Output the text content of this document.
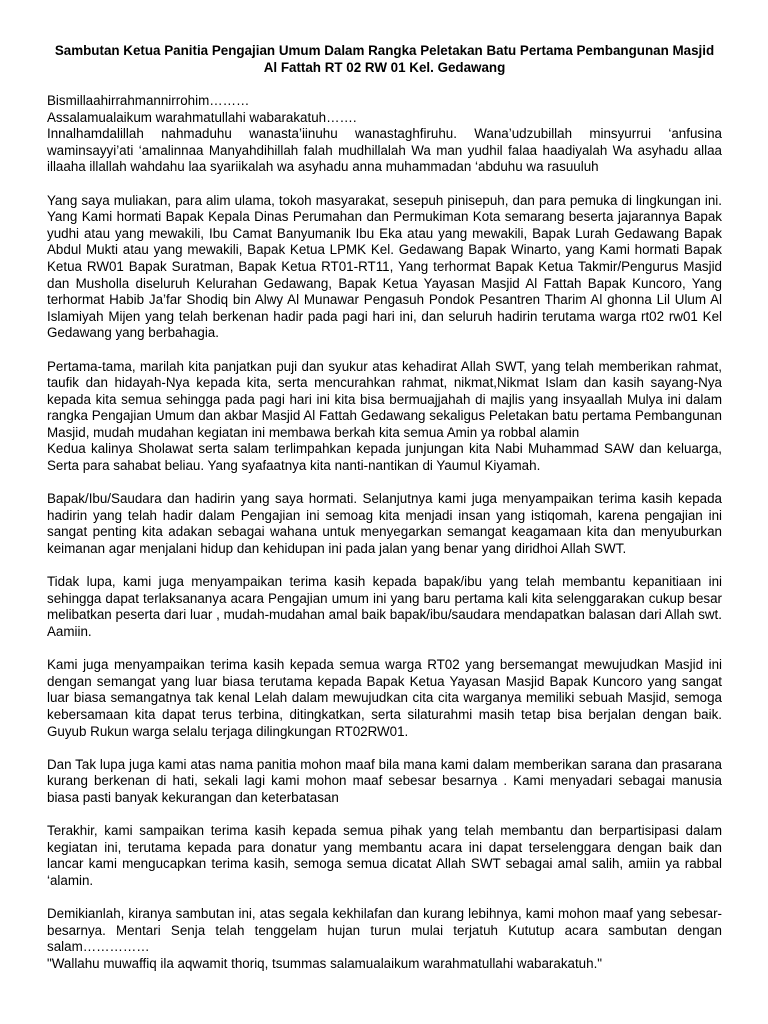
Sambutan Ketua Panitia Pengajian Umum Dalam Rangka Peletakan Batu Pertama Pembangunan Masjid Al Fattah RT 02 RW 01 Kel. Gedawang

Bismillaahirrahmannirrohim………

Assalamualaikum warahmatullahi wabarakatuh…….

Innalhamdalillah nahmaduhu wanasta’iinuhu wanastaghfiruhu. Wana’udzubillah minsyurrui ‘anfusina waminsayyi’ati ‘amalinnaa Manyahdihillah falah mudhillalah Wa man yudhil falaa haadiyalah Wa asyhadu allaa illaaha illallah wahdahu laa syariikalah wa asyhadu anna muhammadan ‘abduhu wa rasuuluh

Yang saya muliakan, para alim ulama, tokoh masyarakat, sesepuh pinisepuh, dan para pemuka di lingkungan ini. Yang Kami hormati Bapak Kepala Dinas Perumahan dan Permukiman Kota semarang beserta jajarannya Bapak yudhi atau yang mewakili, Ibu Camat Banyumanik Ibu Eka atau yang mewakili, Bapak Lurah Gedawang Bapak Abdul Mukti atau yang mewakili, Bapak Ketua LPMK Kel. Gedawang Bapak Winarto, yang Kami hormati Bapak Ketua RW01 Bapak Suratman, Bapak Ketua RT01-RT11, Yang terhormat Bapak Ketua Takmir/Pengurus Masjid dan Musholla diseluruh Kelurahan Gedawang, Bapak Ketua Yayasan Masjid Al Fattah Bapak Kuncoro, Yang terhormat Habib Ja’far Shodiq bin Alwy Al Munawar Pengasuh Pondok Pesantren Tharim Al ghonna Lil Ulum Al Islamiyah Mijen yang telah berkenan hadir pada pagi hari ini, dan seluruh hadirin terutama warga rt02 rw01 Kel Gedawang yang berbahagia.

Pertama-tama, marilah kita panjatkan puji dan syukur atas kehadirat Allah SWT, yang telah memberikan rahmat, taufik dan hidayah-Nya kepada kita, serta mencurahkan rahmat, nikmat,Nikmat Islam dan kasih sayang-Nya kepada kita semua sehingga pada pagi hari ini kita bisa bermuajjahah di majlis yang insyaallah Mulya ini dalam rangka Pengajian Umum dan akbar Masjid Al Fattah Gedawang sekaligus Peletakan batu pertama Pembangunan Masjid, mudah mudahan kegiatan ini membawa berkah kita semua Amin ya robbal alamin

Kedua kalinya Sholawat serta salam terlimpahkan kepada junjungan kita Nabi Muhammad SAW dan keluarga, Serta para sahabat beliau. Yang syafaatnya kita nanti-nantikan di Yaumul Kiyamah.

Bapak/Ibu/Saudara dan hadirin yang saya hormati. Selanjutnya kami juga menyampaikan terima kasih kepada hadirin yang telah hadir dalam Pengajian ini semoag kita menjadi insan yang istiqomah, karena pengajian ini sangat penting kita adakan sebagai wahana untuk menyegarkan semangat keagamaan kita dan menyuburkan keimanan agar menjalani hidup dan kehidupan ini pada jalan yang benar yang diridhoi Allah SWT.

Tidak lupa, kami juga menyampaikan terima kasih kepada bapak/ibu yang telah membantu kepanitiaan ini sehingga dapat terlaksananya acara Pengajian umum ini yang baru pertama kali kita selenggarakan cukup besar melibatkan peserta dari luar , mudah-mudahan amal baik bapak/ibu/saudara mendapatkan balasan dari Allah swt. Aamiin.

Kami juga menyampaikan terima kasih kepada semua warga RT02 yang bersemangat mewujudkan Masjid ini dengan semangat yang luar biasa terutama kepada Bapak Ketua Yayasan Masjid Bapak Kuncoro yang sangat luar biasa semangatnya tak kenal Lelah dalam mewujudkan cita cita warganya memiliki sebuah Masjid, semoga kebersamaan kita dapat terus terbina, ditingkatkan, serta silaturahmi masih tetap bisa berjalan dengan baik. Guyub Rukun warga selalu terjaga dilingkungan RT02RW01.

Dan Tak lupa juga kami atas nama panitia mohon maaf bila mana kami dalam memberikan sarana dan prasarana kurang berkenan di hati, sekali lagi kami mohon maaf sebesar besarnya . Kami menyadari sebagai manusia biasa pasti banyak kekurangan dan keterbatasan

Terakhir, kami sampaikan terima kasih kepada semua pihak yang telah membantu dan berpartisipasi dalam kegiatan ini, terutama kepada para donatur yang membantu acara ini dapat terselenggara dengan baik dan lancar kami mengucapkan terima kasih, semoga semua dicatat Allah SWT sebagai amal salih, amiin ya rabbal ‘alamin.

Demikianlah, kiranya sambutan ini, atas segala kekhilafan dan kurang lebihnya, kami mohon maaf yang sebesar-besarnya. Mentari Senja telah tenggelam hujan turun mulai terjatuh Kututup acara sambutan dengan salam……………

"Wallahu muwaffiq ila aqwamit thoriq, tsummas salamualaikum warahmatullahi wabarakatuh."
